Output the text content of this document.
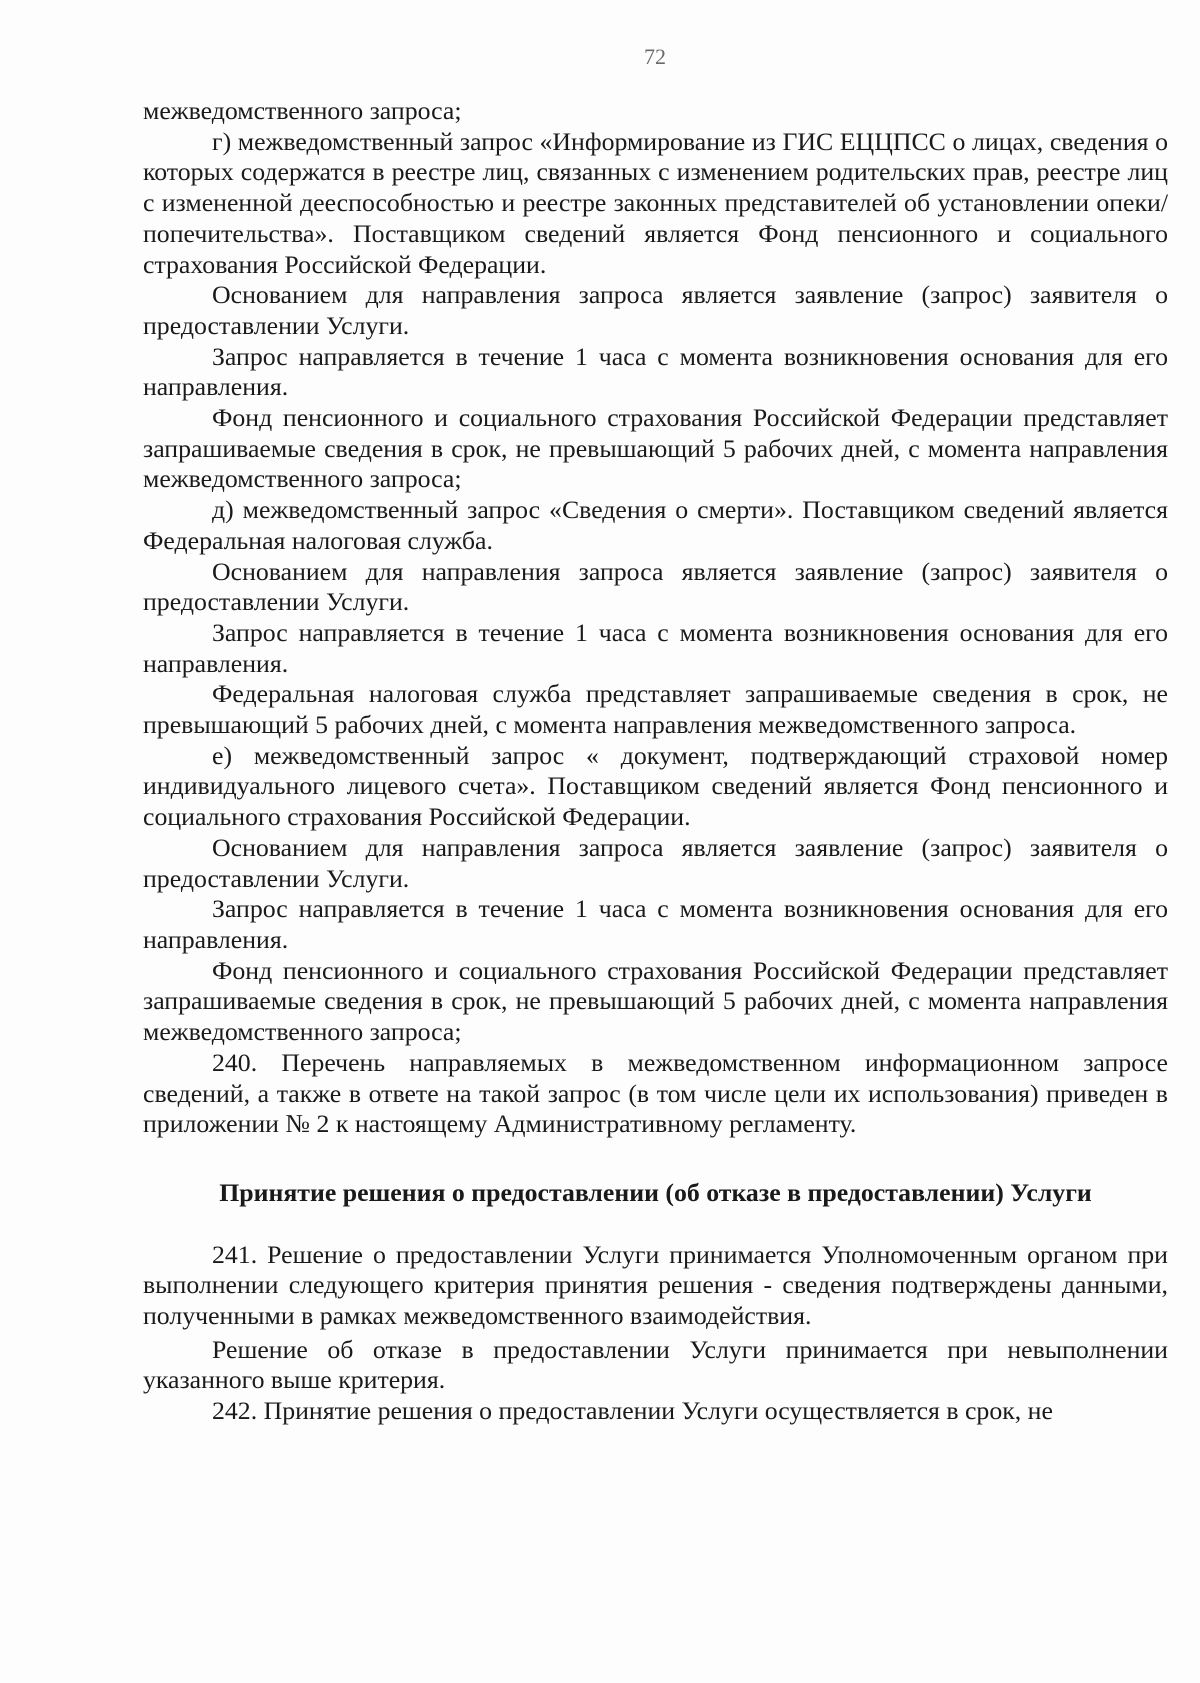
72

межведомственного запроса;

г) межведомственный запрос «Информирование из ГИС ЕЦЦПСС о лицах, сведения о которых содержатся в реестре лиц, связанных с изменением родительских прав, реестре лиц с измененной дееспособностью и реестре законных представителей об установлении опеки/попечительства». Поставщиком сведений является Фонд пенсионного и социального страхования Российской Федерации.

Основанием для направления запроса является заявление (запрос) заявителя о предоставлении Услуги.

Запрос направляется в течение 1 часа с момента возникновения основания для его направления.

Фонд пенсионного и социального страхования Российской Федерации представляет запрашиваемые сведения в срок, не превышающий 5 рабочих дней, с момента направления межведомственного запроса;

д) межведомственный запрос «Сведения о смерти». Поставщиком сведений является Федеральная налоговая служба.

Основанием для направления запроса является заявление (запрос) заявителя о предоставлении Услуги.

Запрос направляется в течение 1 часа с момента возникновения основания для его направления.

Федеральная налоговая служба представляет запрашиваемые сведения в срок, не превышающий 5 рабочих дней, с момента направления межведомственного запроса.

е) межведомственный запрос « документ, подтверждающий страховой номер индивидуального лицевого счета». Поставщиком сведений является Фонд пенсионного и социального страхования Российской Федерации.

Основанием для направления запроса является заявление (запрос) заявителя о предоставлении Услуги.

Запрос направляется в течение 1 часа с момента возникновения основания для его направления.

Фонд пенсионного и социального страхования Российской Федерации представляет запрашиваемые сведения в срок, не превышающий 5 рабочих дней, с момента направления межведомственного запроса;

240. Перечень направляемых в межведомственном информационном запросе сведений, а также в ответе на такой запрос (в том числе цели их использования) приведен в приложении № 2 к настоящему Административному регламенту.

Принятие решения о предоставлении (об отказе в предоставлении) Услуги

241. Решение о предоставлении Услуги принимается Уполномоченным органом при выполнении следующего критерия принятия решения - сведения подтверждены данными, полученными в рамках межведомственного взаимодействия.

Решение об отказе в предоставлении Услуги принимается при невыполнении указанного выше критерия.

242. Принятие решения о предоставлении Услуги осуществляется в срок, не
